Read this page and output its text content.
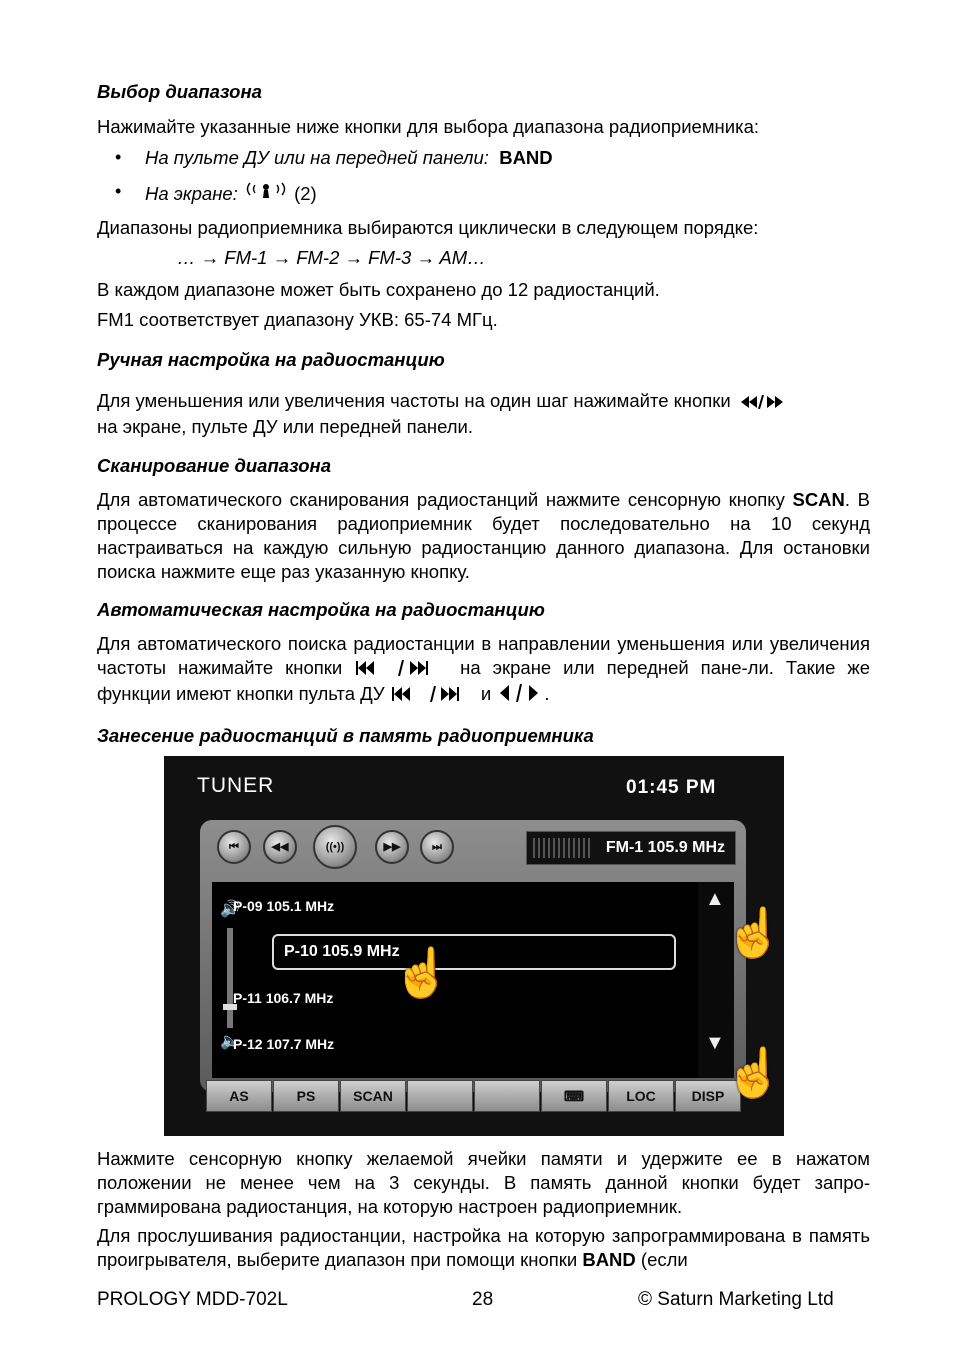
Выбор диапазона
Нажимайте указанные ниже кнопки для выбора диапазона радиоприемника:
• На пульте ДУ или на передней панели: BAND
• На экране:	(2)
Диапазоны радиоприемника выбираются циклически в следующем порядке:
… → FM-1 → FM-2 → FM-3 → AM…
В каждом диапазоне может быть сохранено до 12 радиостанций.
FM1 соответствует диапазону УКВ: 65-74 МГц.
Ручная настройка на радиостанцию
Для уменьшения или увеличения частоты на один шаг нажимайте кнопки
на экране, пульте ДУ или передней панели.
Сканирование диапазона
Для автоматического сканирования радиостанций нажмите сенсорную кнопку SCAN. В процессе сканирования радиоприемник будет последовательно на 10 секунд настраиваться на каждую сильную радиостанцию данного диапазона. Для остановки поиска нажмите еще раз указанную кнопку.
Автоматическая настройка на радиостанцию
Для автоматического поиска радиостанции в направлении уменьшения или увеличения частоты нажимайте кнопки	на экране или передней пане-ли. Такие же функции имеют кнопки пульта ДУ	и	.
Занесение радиостанций в память радиоприемника
TUNER	01:45 PM
⏮	◀◀	((•))	▶▶	⏭	FM-1 105.9 MHz
🔊
🔈
P-09 105.1 MHz
P-10 105.9 MHz
P-11 106.7 MHz
P-12 107.7 MHz
▲
▼
AS	PS	SCAN	⌨	LOC	DISP
☝
☝
☝
Нажмите сенсорную кнопку желаемой ячейки памяти и удержите ее в нажатом положении не менее чем на 3 секунды. В память данной кнопки будет запро-граммирована радиостанция, на которую настроен радиоприемник.
Для прослушивания радиостанции, настройка на которую запрограммирована в память проигрывателя, выберите диапазон при помощи кнопки BAND (если
PROLOGY MDD-702L	28	© Saturn Marketing Ltd
